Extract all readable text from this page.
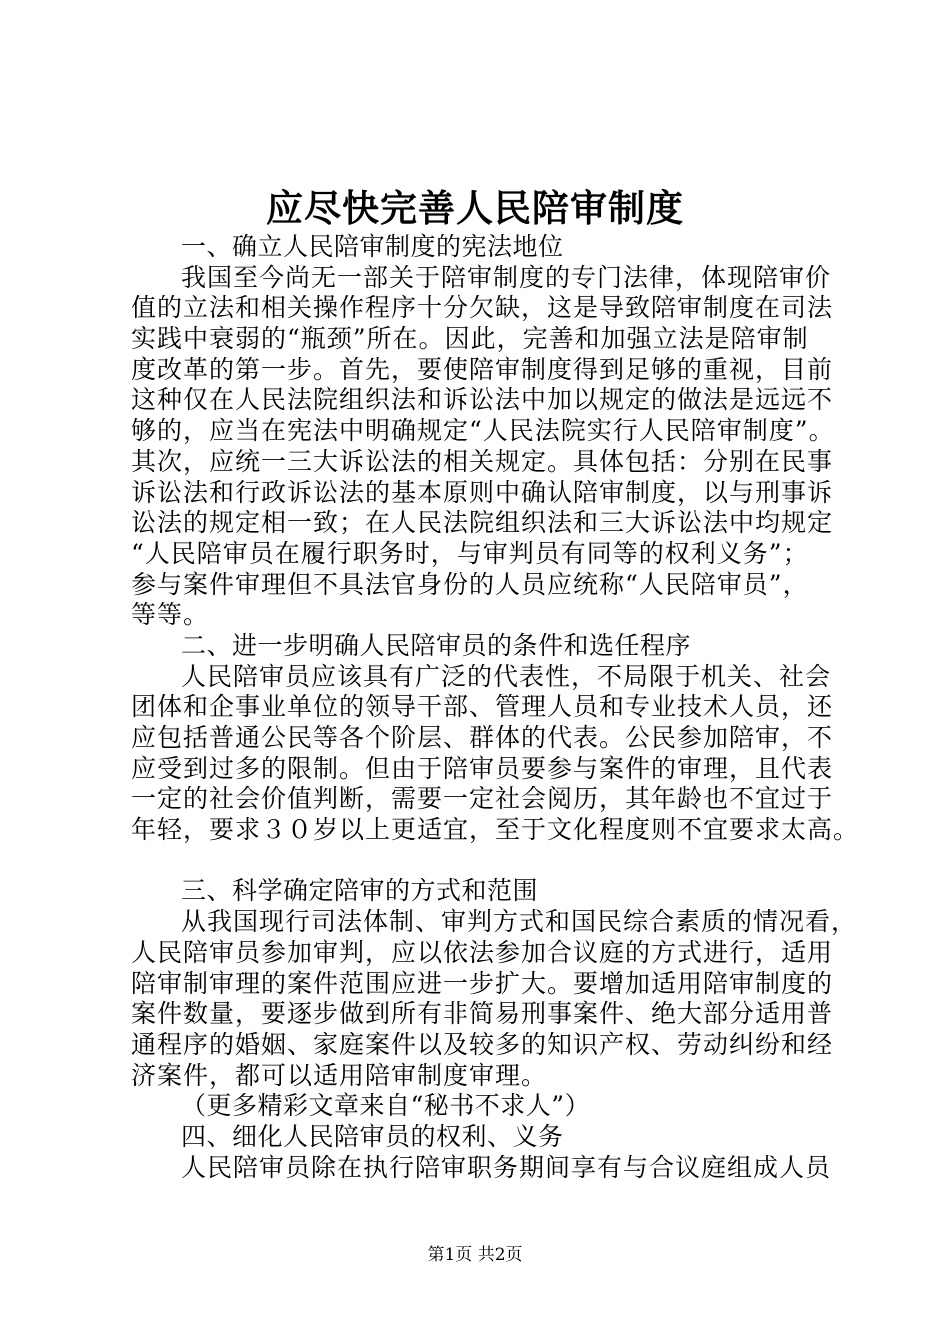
应尽快完善人民陪审制度
一、确立人民陪审制度的宪法地位
我国至今尚无一部关于陪审制度的专门法律，体现陪审价
值的立法和相关操作程序十分欠缺，这是导致陪审制度在司法
实践中衰弱的“瓶颈”所在。因此，完善和加强立法是陪审制
度改革的第一步。首先，要使陪审制度得到足够的重视，目前
这种仅在人民法院组织法和诉讼法中加以规定的做法是远远不
够的，应当在宪法中明确规定“人民法院实行人民陪审制度”。
其次，应统一三大诉讼法的相关规定。具体包括：分别在民事
诉讼法和行政诉讼法的基本原则中确认陪审制度，以与刑事诉
讼法的规定相一致；在人民法院组织法和三大诉讼法中均规定
“人民陪审员在履行职务时，与审判员有同等的权利义务”；
参与案件审理但不具法官身份的人员应统称“人民陪审员”，
等等。
二、进一步明确人民陪审员的条件和选任程序
人民陪审员应该具有广泛的代表性，不局限于机关、社会
团体和企事业单位的领导干部、管理人员和专业技术人员，还
应包括普通公民等各个阶层、群体的代表。公民参加陪审，不
应受到过多的限制。但由于陪审员要参与案件的审理，且代表
一定的社会价值判断，需要一定社会阅历，其年龄也不宜过于
年轻，要求３０岁以上更适宜，至于文化程度则不宜要求太高。
三、科学确定陪审的方式和范围
从我国现行司法体制、审判方式和国民综合素质的情况看，
人民陪审员参加审判，应以依法参加合议庭的方式进行，适用
陪审制审理的案件范围应进一步扩大。要增加适用陪审制度的
案件数量，要逐步做到所有非简易刑事案件、绝大部分适用普
通程序的婚姻、家庭案件以及较多的知识产权、劳动纠纷和经
济案件，都可以适用陪审制度审理。
（更多精彩文章来自“秘书不求人”）
四、细化人民陪审员的权利、义务
人民陪审员除在执行陪审职务期间享有与合议庭组成人员
第1页 共2页
